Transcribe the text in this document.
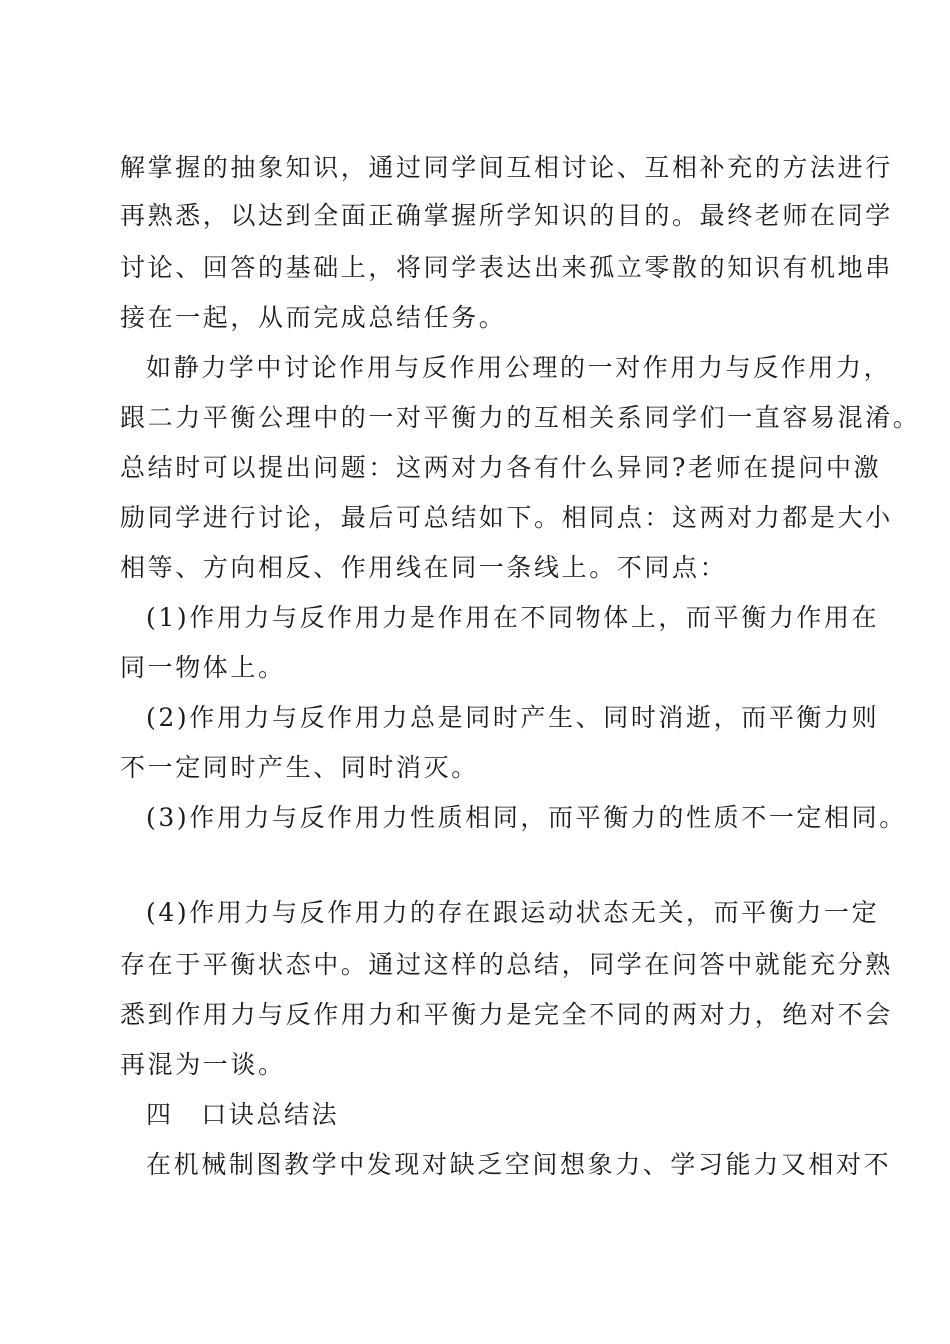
解掌握的抽象知识，通过同学间互相讨论、互相补充的方法进行
再熟悉，以达到全面正确掌握所学知识的目的。最终老师在同学
讨论、回答的基础上，将同学表达出来孤立零散的知识有机地串
接在一起，从而完成总结任务。
如静力学中讨论作用与反作用公理的一对作用力与反作用力，
跟二力平衡公理中的一对平衡力的互相关系同学们一直容易混淆。
总结时可以提出问题：这两对力各有什么异同?老师在提问中激
励同学进行讨论，最后可总结如下。相同点：这两对力都是大小
相等、方向相反、作用线在同一条线上。不同点：
(1)作用力与反作用力是作用在不同物体上，而平衡力作用在
同一物体上。
(2)作用力与反作用力总是同时产生、同时消逝，而平衡力则
不一定同时产生、同时消灭。
(3)作用力与反作用力性质相同，而平衡力的性质不一定相同。
(4)作用力与反作用力的存在跟运动状态无关，而平衡力一定
存在于平衡状态中。通过这样的总结，同学在问答中就能充分熟
悉到作用力与反作用力和平衡力是完全不同的两对力，绝对不会
再混为一谈。
四　口诀总结法
在机械制图教学中发现对缺乏空间想象力、学习能力又相对不
